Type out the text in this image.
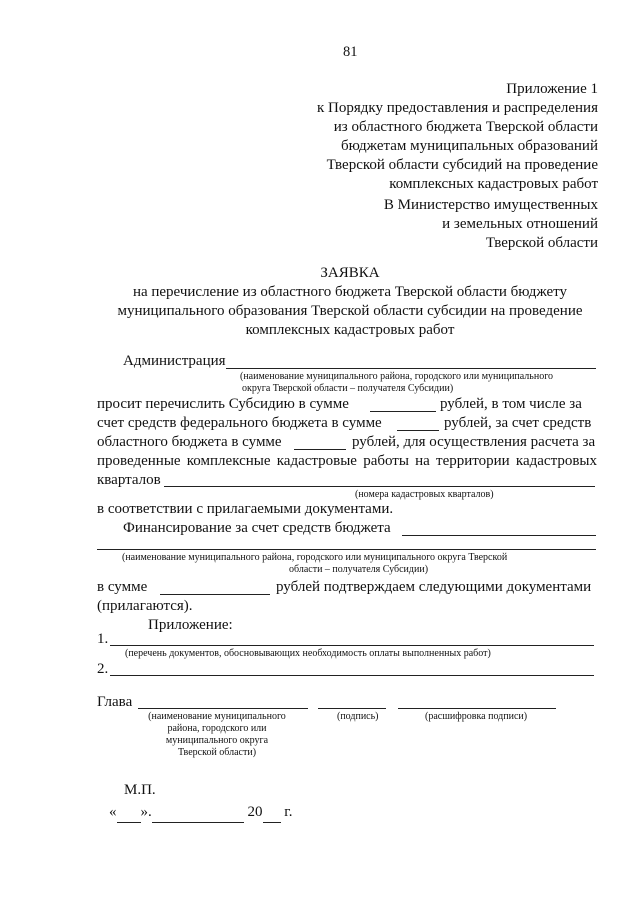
81
Приложение 1
к Порядку предоставления и распределения
из областного бюджета Тверской области
бюджетам муниципальных образований
Тверской области субсидий на проведение
комплексных кадастровых работ
В Министерство имущественных
и земельных отношений
Тверской области
ЗАЯВКА
на перечисление из областного бюджета Тверской области бюджету
муниципального образования Тверской области субсидии на проведение
комплексных кадастровых работ
Администрация
(наименование муниципального района, городского или муниципального
округа Тверской области – получателя Субсидии)
просит перечислить Субсидию в сумме	рублей, в том числе за
счет средств федерального бюджета в сумме	рублей, за счет средств
областного бюджета в сумме	рублей, для осуществления расчета за
проведенные комплексные кадастровые работы на территории кадастровых
кварталов
(номера кадастровых кварталов)
в соответствии с прилагаемыми документами.
Финансирование за счет средств бюджета
(наименование муниципального района, городского или муниципального округа Тверской
области – получателя Субсидии)
в сумме	рублей подтверждаем следующими документами
(прилагаются).
Приложение:
1.
(перечень документов, обосновывающих необходимость оплаты выполненных работ)
2.
Глава
(наименование муниципального
района, городского или
муниципального округа
Тверской области)
(подпись)	(расшифровка подписи)
М.П.
« ».	20 г.
